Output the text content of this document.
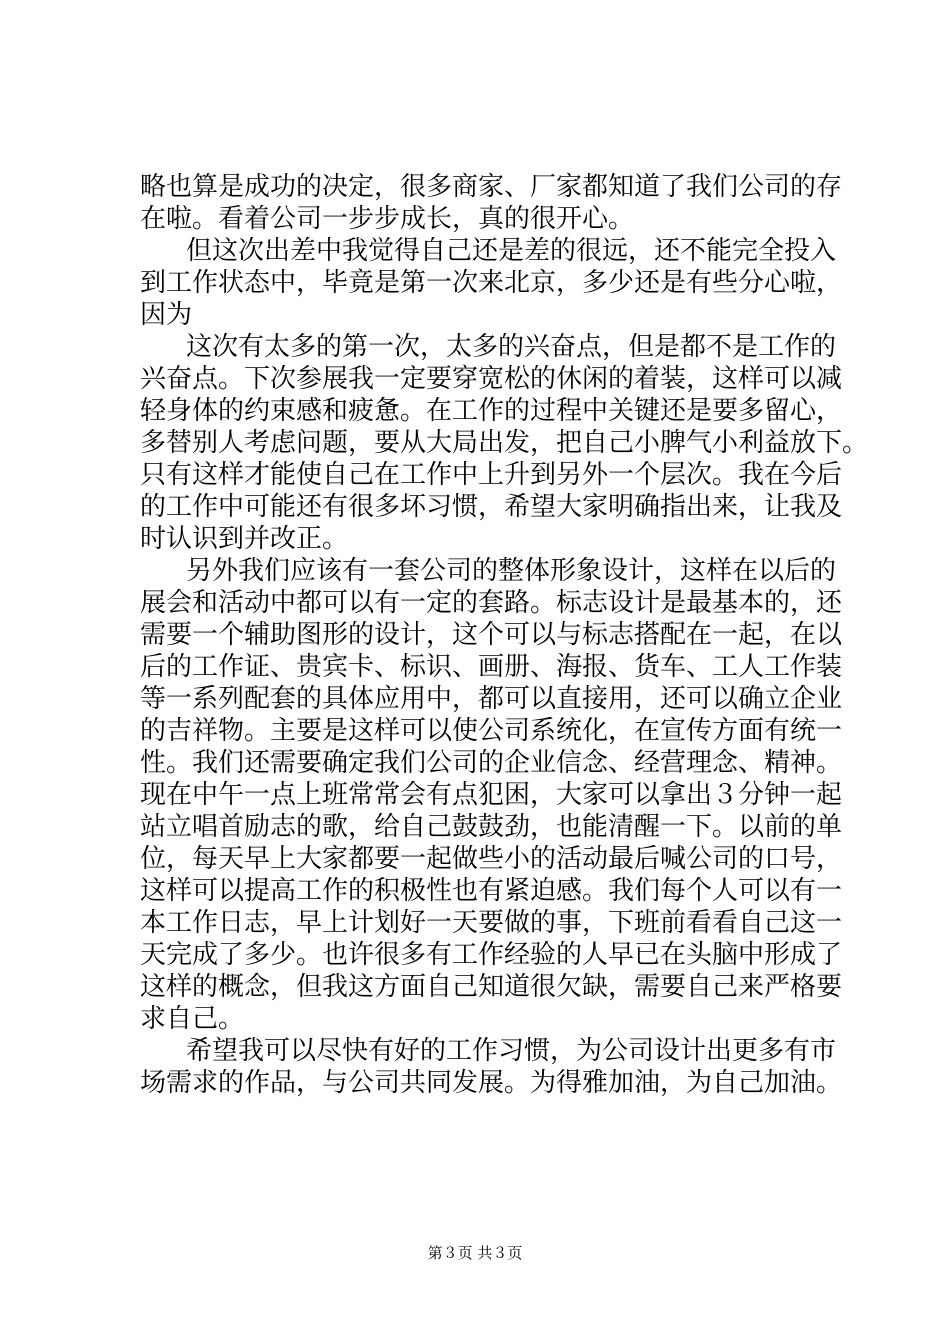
略也算是成功的决定，很多商家、厂家都知道了我们公司的存
在啦。看着公司一步步成长，真的很开心。
但这次出差中我觉得自己还是差的很远，还不能完全投入
到工作状态中，毕竟是第一次来北京，多少还是有些分心啦，
因为
这次有太多的第一次，太多的兴奋点，但是都不是工作的
兴奋点。下次参展我一定要穿宽松的休闲的着装，这样可以减
轻身体的约束感和疲惫。在工作的过程中关键还是要多留心，
多替别人考虑问题，要从大局出发，把自己小脾气小利益放下。
只有这样才能使自己在工作中上升到另外一个层次。我在今后
的工作中可能还有很多坏习惯，希望大家明确指出来，让我及
时认识到并改正。
另外我们应该有一套公司的整体形象设计，这样在以后的
展会和活动中都可以有一定的套路。标志设计是最基本的，还
需要一个辅助图形的设计，这个可以与标志搭配在一起，在以
后的工作证、贵宾卡、标识、画册、海报、货车、工人工作装
等一系列配套的具体应用中，都可以直接用，还可以确立企业
的吉祥物。主要是这样可以使公司系统化，在宣传方面有统一
性。我们还需要确定我们公司的企业信念、经营理念、精神。
现在中午一点上班常常会有点犯困，大家可以拿出３分钟一起
站立唱首励志的歌，给自己鼓鼓劲，也能清醒一下。以前的单
位，每天早上大家都要一起做些小的活动最后喊公司的口号，
这样可以提高工作的积极性也有紧迫感。我们每个人可以有一
本工作日志，早上计划好一天要做的事，下班前看看自己这一
天完成了多少。也许很多有工作经验的人早已在头脑中形成了
这样的概念，但我这方面自己知道很欠缺，需要自己来严格要
求自己。
希望我可以尽快有好的工作习惯，为公司设计出更多有市
场需求的作品，与公司共同发展。为得雅加油，为自己加油。
第３页 共３页
